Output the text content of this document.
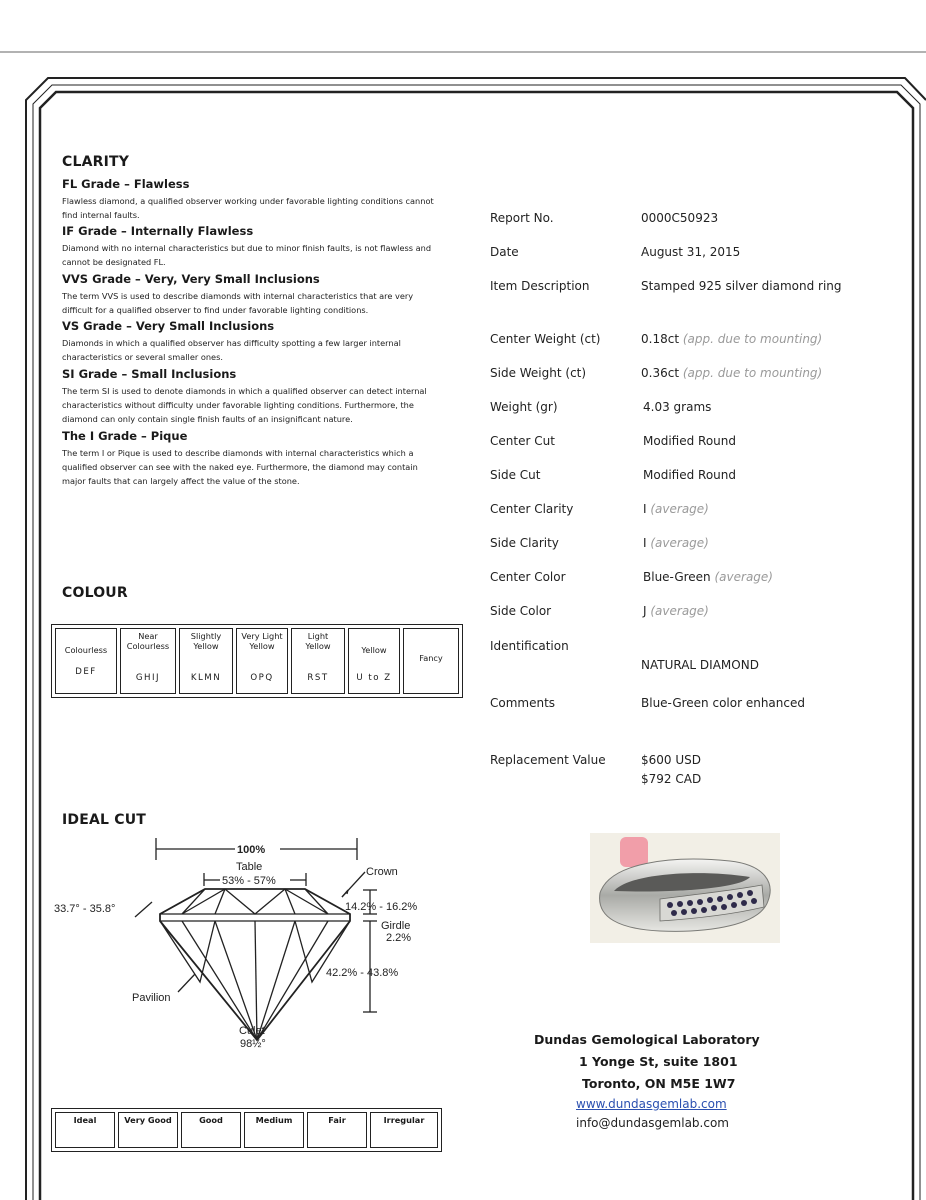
CLARITY
FL Grade – Flawless
Flawless diamond, a qualified observer working under favorable lighting conditions cannot find internal faults.
IF Grade – Internally Flawless
Diamond with no internal characteristics but due to minor finish faults, is not flawless and cannot be designated FL.
VVS Grade – Very, Very Small Inclusions
The term VVS is used to describe diamonds with internal characteristics that are very difficult for a qualified observer to find under favorable lighting conditions.
VS Grade – Very Small Inclusions
Diamonds in which a qualified observer has difficulty spotting a few larger internal characteristics or several smaller ones.
SI Grade – Small Inclusions
The term SI is used to denote diamonds in which a qualified observer can detect internal characteristics without difficulty under favorable lighting conditions. Furthermore, the diamond can only contain single finish faults of an insignificant nature.
The I Grade – Pique
The term I or Pique is used to describe diamonds with internal characteristics which a qualified observer can see with the naked eye. Furthermore, the diamond may contain major faults that can largely affect the value of the stone.
COLOUR
Colourless
DEF

Near Colourless
GHIJ

Slightly Yellow
KLMN

Very Light Yellow
OPQ

Light Yellow
RST

Yellow
U to Z

Fancy
IDEAL CUT
100%
Table
53% - 57%
Crown
33.7° - 35.8°	14.2% - 16.2%
Girdle
2.2%
42.2% - 43.8%
Pavilion
Culet
98½°
Ideal	Very Good	Good	Medium	Fair	Irregular
Report No.	0000C50923
Date	August 31, 2015
Item Description	Stamped 925 silver diamond ring
Center Weight (ct)	0.18ct (app. due to mounting)
Side Weight (ct)	0.36ct (app. due to mounting)
Weight (gr)	4.03 grams
Center Cut	Modified Round
Side Cut	Modified Round
Center Clarity	I (average)
Side Clarity	I (average)
Center Color	Blue-Green (average)
Side Color	J (average)
Identification
NATURAL DIAMOND
Comments	Blue-Green color enhanced
Replacement Value	$600 USD
$792 CAD
Dundas Gemological Laboratory
1 Yonge St, suite 1801
Toronto, ON M5E 1W7
www.dundasgemlab.com
info@dundasgemlab.com
